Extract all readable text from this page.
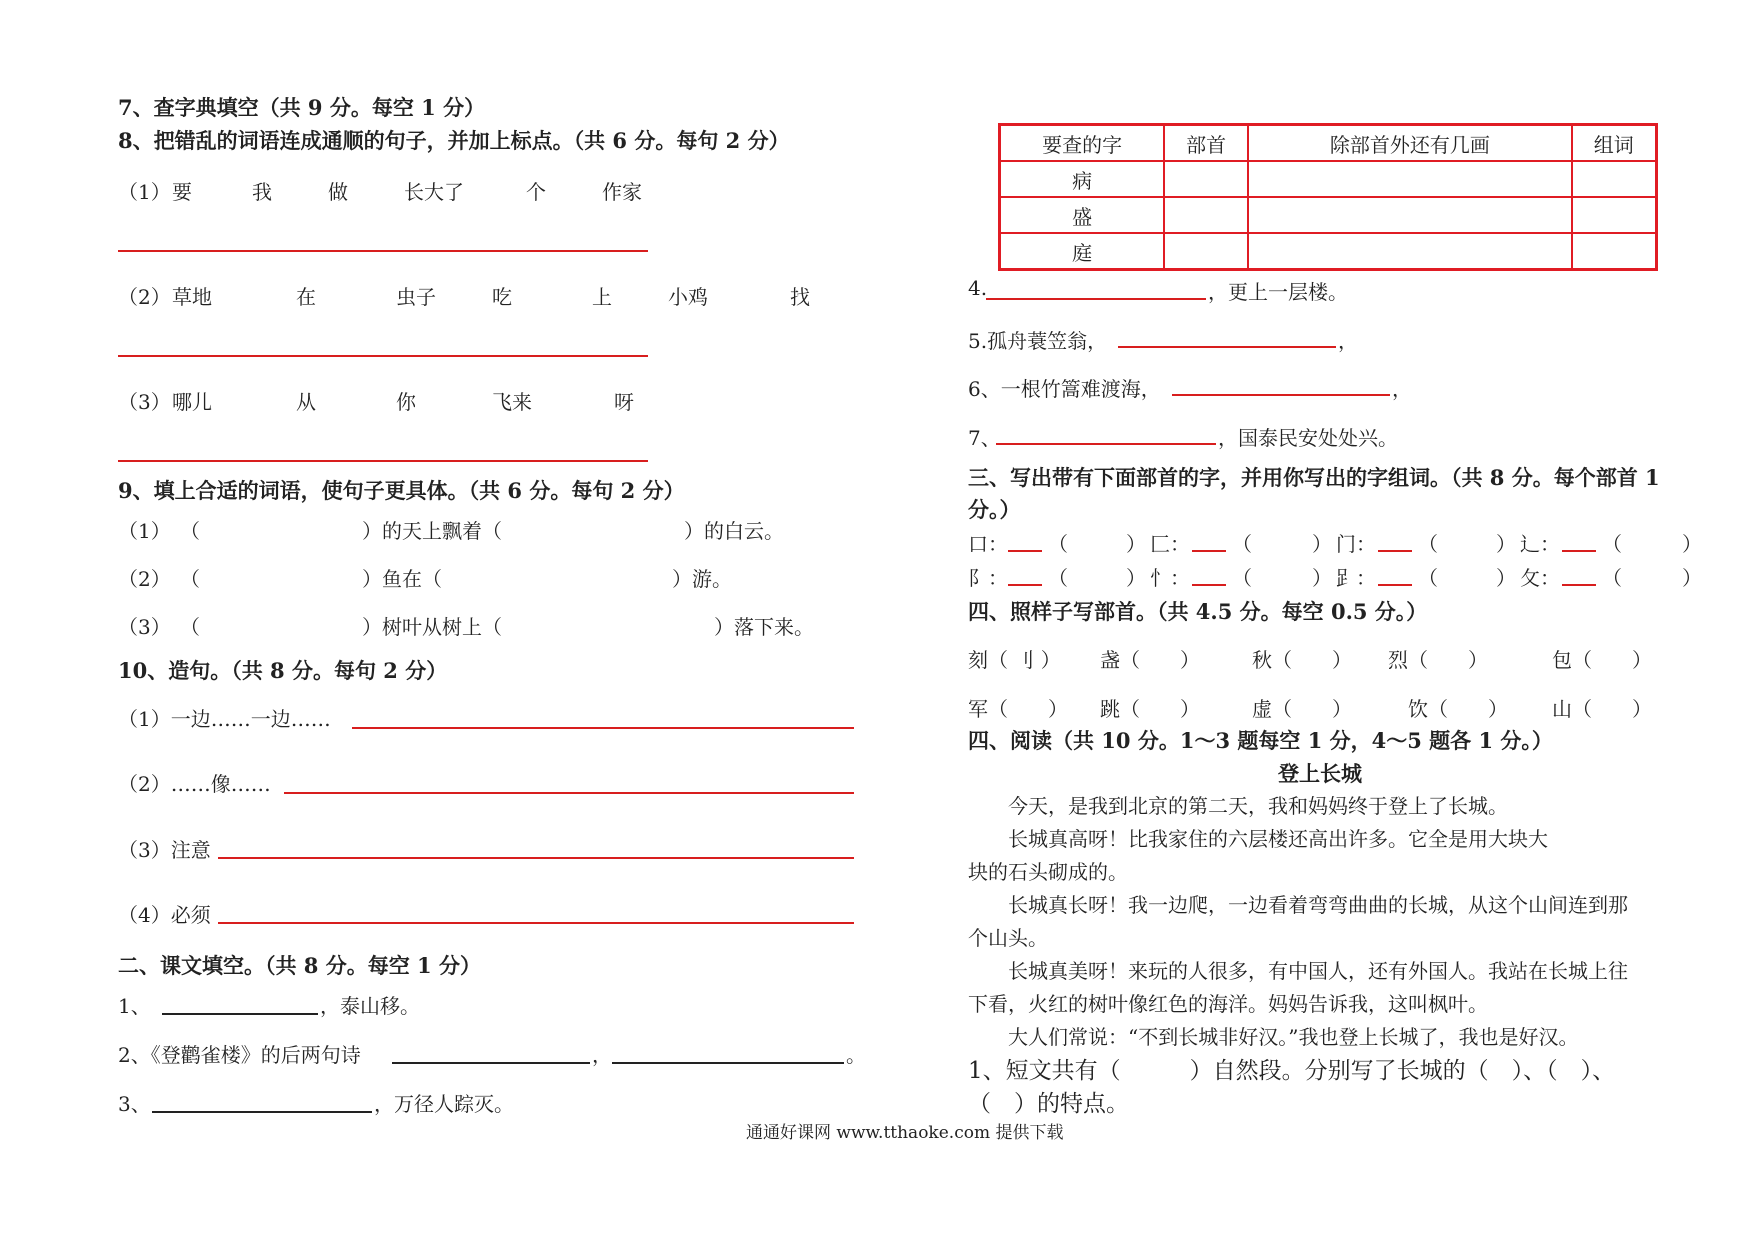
7、查字典填空（共 9 分。每空 1 分）
8、把错乱的词语连成通顺的句子，并加上标点。（共 6 分。每句 2 分）
（1） 要	我	做	长大了	个	作家
（2） 草地	在	虫子	吃	上	小鸡	找
（3） 哪儿	从	你	飞来	呀
9、填上合适的词语，使句子更具体。（共 6 分。每句 2 分）
（1） （	）的天上飘着（	）的白云。
（2） （	）鱼在（	）游。
（3） （	）树叶从树上（	）落下来。
10、造句。（共 8 分。每句 2 分）
（1）一边……一边……
（2）……像……
（3）注意
（4）必须
二、课文填空。（共 8 分。每空 1 分）
1、	，泰山移。
2、《登鹳雀楼》的后两句诗	，	。
3、	，万径人踪灭。
要查的字	部首	除部首外还有几画	组词
病			
盛			
庭			
4.	，更上一层楼。
5.孤舟蓑笠翁，	，
6、一根竹篙难渡海，	，
7、	，国泰民安处处兴。
三、写出带有下面部首的字，并用你写出的字组词。（共 8 分。每个部首 1
分。）
口： （	） 匚： （	） 门： （	） 辶： （	）
阝： （	） 忄： （	） 𧾷： （	） 攵： （	）
四、照样子写部首。（共 4.5 分。每空 0.5 分。）
刻（ 刂 ） 盏（　　）	秋（　　） 烈（　　）	包（　　）
军（　　） 跳（　　）	虚（　　）	饮（　　） 山（　　）
四、阅读（共 10 分。1～3 题每空 1 分，4～5 题各 1 分。）
登上长城
　　今天，是我到北京的第二天，我和妈妈终于登上了长城。
　　长城真高呀！比我家住的六层楼还高出许多。它全是用大块大
块的石头砌成的。
　　长城真长呀！我一边爬，一边看着弯弯曲曲的长城，从这个山间连到那
个山头。
　　长城真美呀！来玩的人很多，有中国人，还有外国人。我站在长城上往
下看，火红的树叶像红色的海洋。妈妈告诉我，这叫枫叶。
　　大人们常说：“不到长城非好汉。”我也登上长城了，我也是好汉。
1、短文共有（　　　）自然段。分别写了长城的（　）、（　）、
（　）的特点。
通通好课网 www.tthaoke.com 提供下载
